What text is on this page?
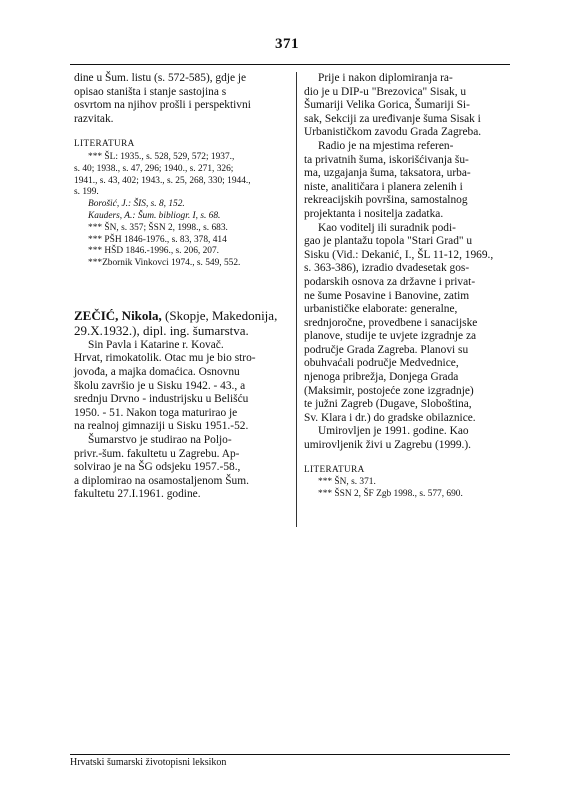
371
dine u Šum. listu (s. 572-585), gdje je
opisao staništa i stanje sastojina s
osvrtom na njihov prošli i perspektivni
razvitak.
LITERATURA
*** ŠL: 1935., s. 528, 529, 572; 1937.,
s. 40; 1938., s. 47, 296; 1940., s. 271, 326;
1941., s. 43, 402; 1943., s. 25, 268, 330; 1944.,
s. 199.
Borošić, J.: ŠIS, s. 8, 152.
Kauders, A.: Šum. bibliogr. I, s. 68.
*** ŠN, s. 357; ŠSN 2, 1998., s. 683.
*** PŠH 1846-1976., s. 83, 378, 414
*** HŠD 1846.-1996., s. 206, 207.
***Zbornik Vinkovci 1974., s. 549, 552.
ZEČIĆ, Nikola, (Skopje, Makedonija,
29.X.1932.), dipl. ing. šumarstva.
Sin Pavla i Katarine r. Kovač.
Hrvat, rimokatolik. Otac mu je bio stro-
jovođa, a majka domaćica. Osnovnu
školu završio je u Sisku 1942. - 43., a
srednju Drvno - industrijsku u Belišću
1950. - 51. Nakon toga maturirao je
na realnoj gimnaziji u Sisku 1951.-52.
Šumarstvo je studirao na Poljo-
privr.-šum. fakultetu u Zagrebu. Ap-
solvirao je na ŠG odsjeku 1957.-58.,
a diplomirao na osamostaljenom Šum.
fakultetu 27.I.1961. godine.
Prije i nakon diplomiranja ra-
dio je u DIP-u "Brezovica" Sisak, u
Šumariji Velika Gorica, Šumariji Si-
sak, Sekciji za uređivanje šuma Sisak i
Urbanističkom zavodu Grada Zagreba.
Radio je na mjestima referen-
ta privatnih šuma, iskorišćivanja šu-
ma, uzgajanja šuma, taksatora, urba-
niste, analitičara i planera zelenih i
rekreacijskih površina, samostalnog
projektanta i nositelja zadatka.
Kao voditelj ili suradnik podi-
gao je plantažu topola "Stari Grad" u
Sisku (Vid.: Dekanić, I., ŠL 11-12, 1969.,
s. 363-386), izradio dvadesetak gos-
podarskih osnova za državne i privat-
ne šume Posavine i Banovine, zatim
urbanističke elaborate: generalne,
srednjoročne, provedbene i sanacijske
planove, studije te uvjete izgradnje za
područje Grada Zagreba. Planovi su
obuhvaćali područje Medvednice,
njenoga pribrežja, Donjega Grada
(Maksimir, postojeće zone izgradnje)
te južni Zagreb (Dugave, Sloboština,
Sv. Klara i dr.) do gradske obilaznice.
Umirovljen je 1991. godine. Kao
umirovljenik živi u Zagrebu (1999.).
LITERATURA
*** ŠN, s. 371.
*** ŠSN 2, ŠF Zgb 1998., s. 577, 690.
Hrvatski šumarski životopisni leksikon
